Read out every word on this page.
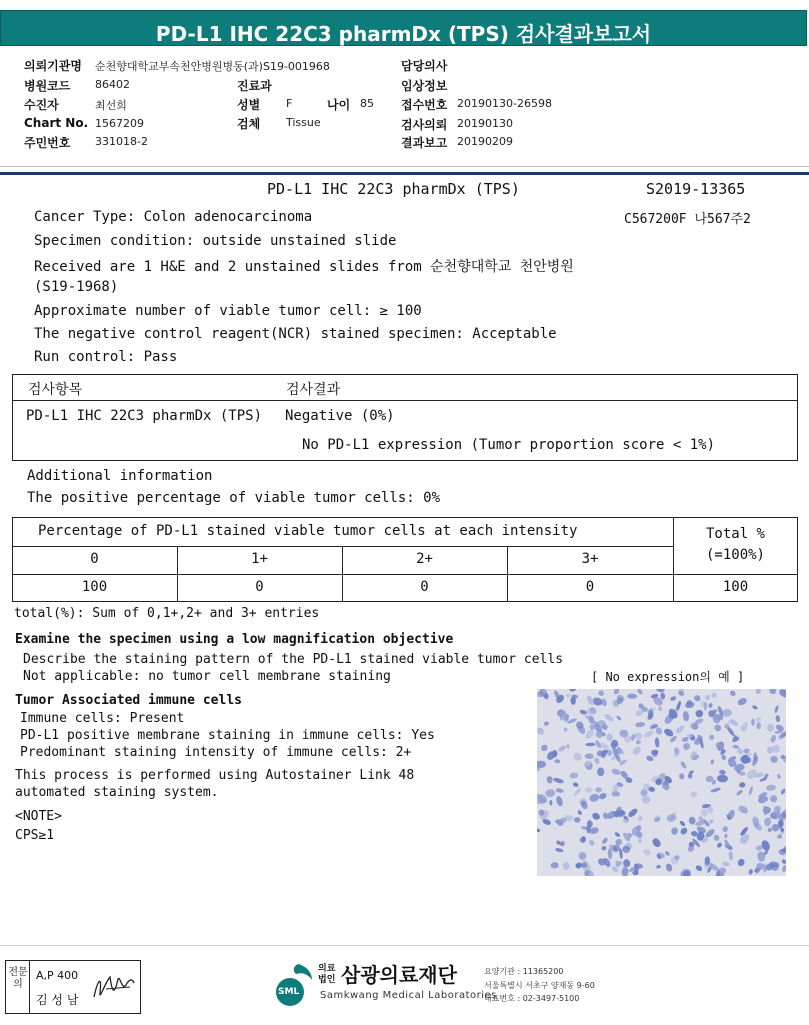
PD-L1 IHC 22C3 pharmDx (TPS) 검사결과보고서
의뢰기관명 순천향대학교부속천안병원병동(과)S19-001968	담당의사
병원코드 86402	진료과	임상정보
수진자	최선희	성별 F	나이 85 접수번호 20190130-26598
Chart No. 1567209	검체 Tissue	검사의뢰 20190130
주민번호 331018-2	결과보고 20190209
PD-L1 IHC 22C3 pharmDx (TPS)	S2019-13365
C567200F 나567주2
Cancer Type: Colon adenocarcinoma
Specimen condition: outside unstained slide
Received are 1 H&E and 2 unstained slides from 순천향대학교 천안병원
(S19-1968)
Approximate number of viable tumor cell: ≥ 100
The negative control reagent(NCR) stained specimen: Acceptable
Run control: Pass
검사항목	검사결과
PD-L1 IHC 22C3 pharmDx (TPS) Negative (0%)
No PD-L1 expression (Tumor proportion score < 1%)
Additional information
The positive percentage of viable tumor cells: 0%
Percentage of PD-L1 stained viable tumor cells at each intensity	Total %
(=100%)
0	1+	2+	3+
100	0	0	0	100
total(%): Sum of 0,1+,2+ and 3+ entries
Examine the specimen using a low magnification objective
Describe the staining pattern of the PD-L1 stained viable tumor cells
Not applicable: no tumor cell membrane staining	[ No expression의 예 ]
Tumor Associated immune cells
Immune cells: Present
PD-L1 positive membrane staining in immune cells: Yes
Predominant staining intensity of immune cells: 2+
This process is performed using Autostainer Link 48
automated staining system.
<NOTE>
CPS≥1
전문의
A,P 400
김 성 남
SML
의료
법인 삼광의료재단
Samkwang Medical Laboratories
요양기관 : 11365200
서울특별시 서초구 양재동 9-60
대표번호 : 02-3497-5100
